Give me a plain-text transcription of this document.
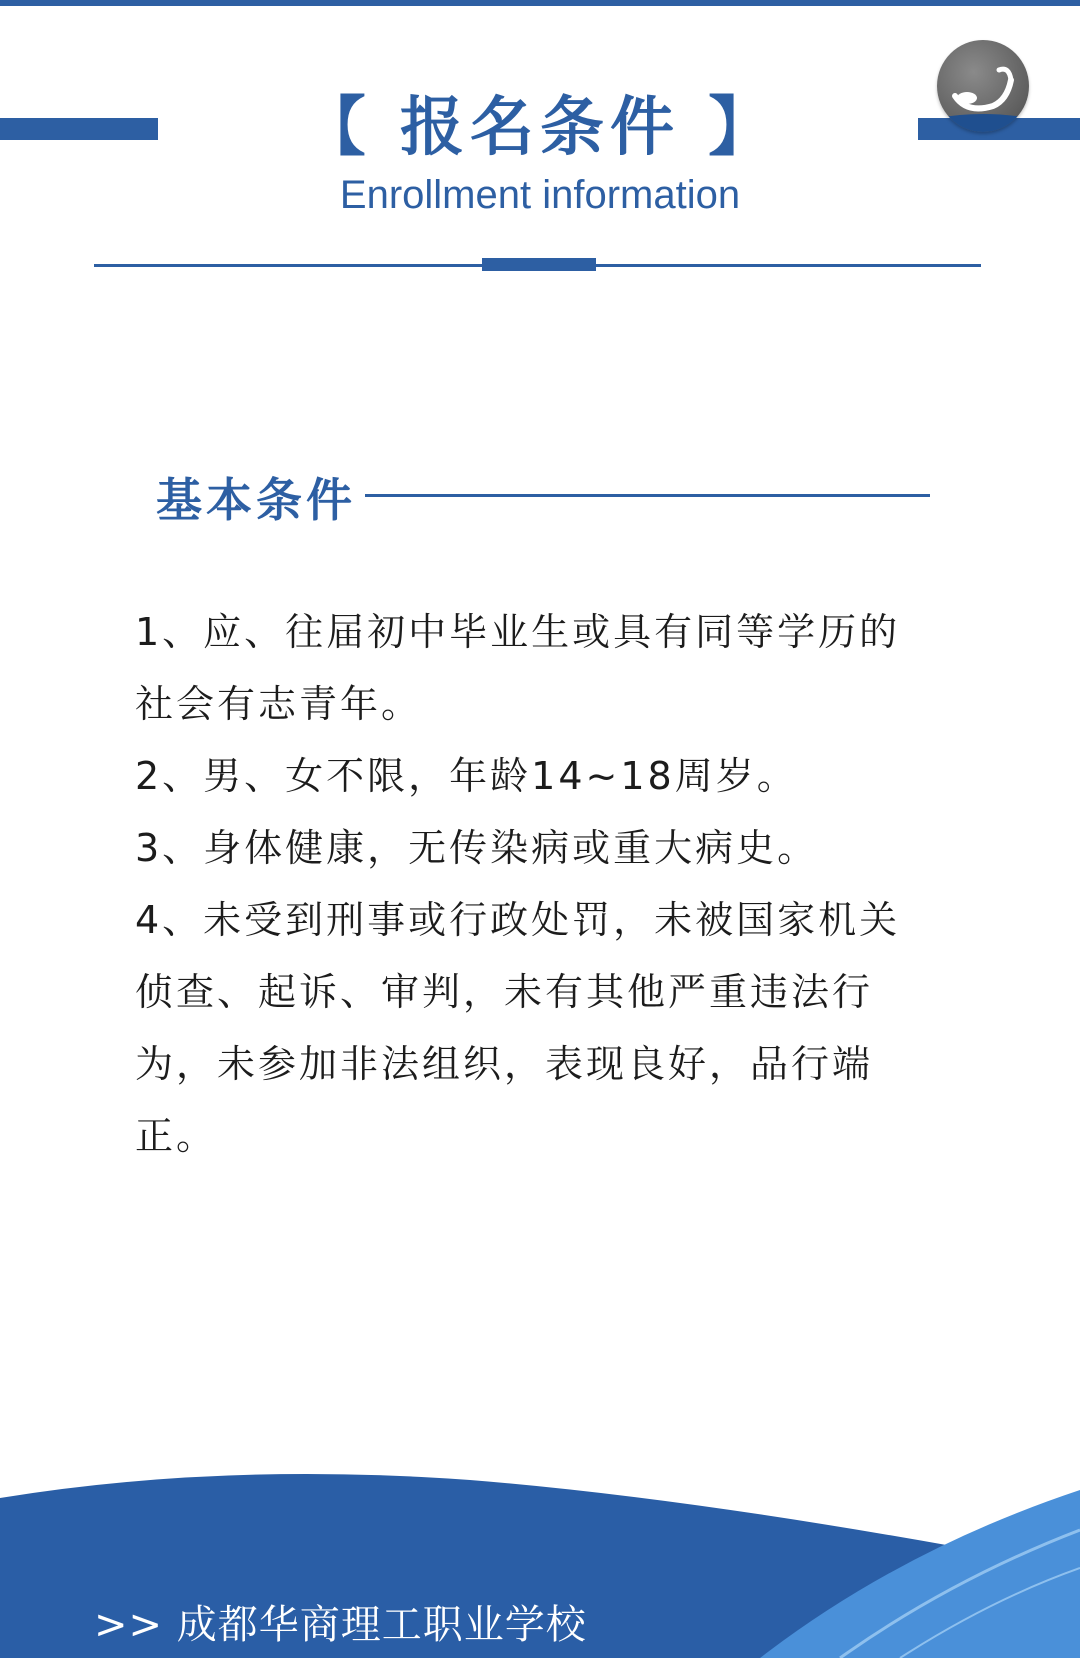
【 报名条件 】
Enrollment information
基本条件

1、应、往届初中毕业生或具有同等学历的社会有志青年。

2、男、女不限，年龄14~18周岁。

3、身体健康，无传染病或重大病史。

4、未受到刑事或行政处罚，未被国家机关侦查、起诉、审判，未有其他严重违法行为，未参加非法组织，表现良好，品行端正。

>> 成都华商理工职业学校
